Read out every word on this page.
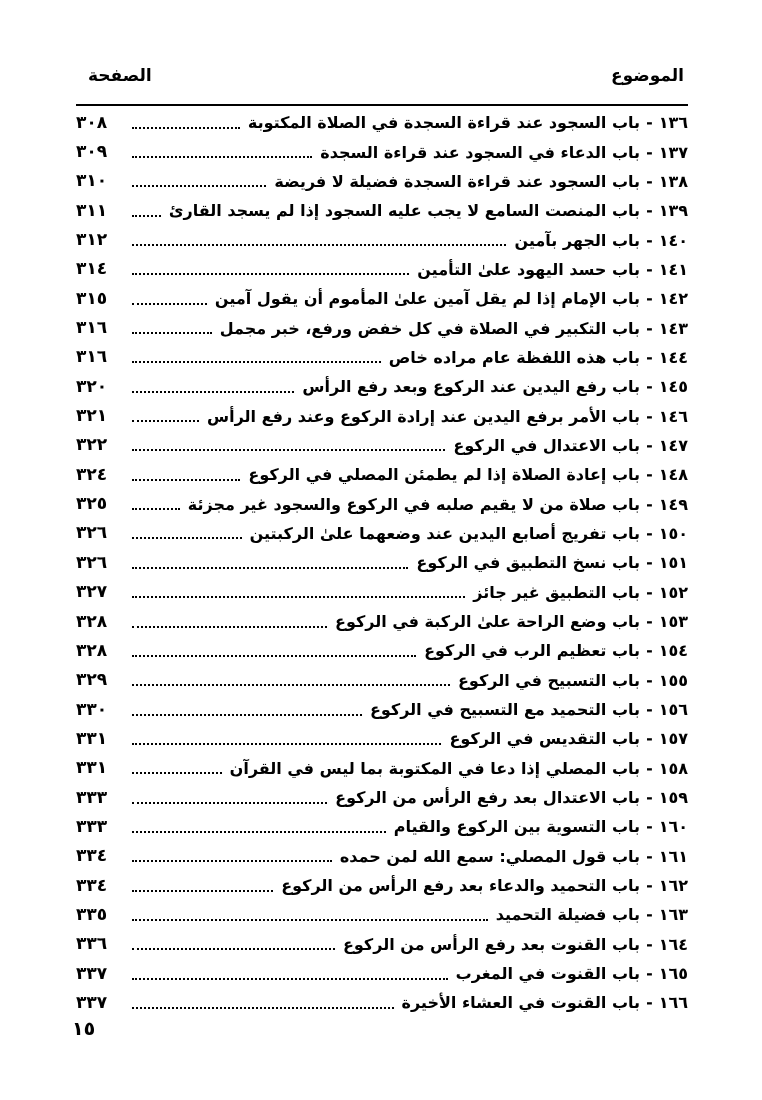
الموضوع
الصفحة
١٣٦
-
باب السجود عند قراءة السجدة في الصلاة المكتوبة
٣٠٨
١٣٧
-
باب الدعاء في السجود عند قراءة السجدة
٣٠٩
١٣٨
-
باب السجود عند قراءة السجدة فضيلة لا فريضة
٣١٠
١٣٩
-
باب المنصت السامع لا يجب عليه السجود إذا لم يسجد القارئ
٣١١
١٤٠
-
باب الجهر بآمين
٣١٢
١٤١
-
باب حسد اليهود علىٰ التأمين
٣١٤
١٤٢
-
باب الإمام إذا لم يقل آمين علىٰ المأموم أن يقول آمين
٣١٥
١٤٣
-
باب التكبير في الصلاة في كل خفض ورفع، خبر مجمل
٣١٦
١٤٤
-
باب هذه اللفظة عام مراده خاص
٣١٦
١٤٥
-
باب رفع اليدين عند الركوع وبعد رفع الرأس
٣٢٠
١٤٦
-
باب الأمر برفع اليدين عند إرادة الركوع وعند رفع الرأس
٣٢١
١٤٧
-
باب الاعتدال في الركوع
٣٢٢
١٤٨
-
باب إعادة الصلاة إذا لم يطمئن المصلي في الركوع
٣٢٤
١٤٩
-
باب صلاة من لا يقيم صلبه في الركوع والسجود غير مجزئة
٣٢٥
١٥٠
-
باب تفريج أصابع اليدين عند وضعهما علىٰ الركبتين
٣٢٦
١٥١
-
باب نسخ التطبيق في الركوع
٣٢٦
١٥٢
-
باب التطبيق غير جائز
٣٢٧
١٥٣
-
باب وضع الراحة علىٰ الركبة في الركوع
٣٢٨
١٥٤
-
باب تعظيم الرب في الركوع
٣٢٨
١٥٥
-
باب التسبيح في الركوع
٣٢٩
١٥٦
-
باب التحميد مع التسبيح في الركوع
٣٣٠
١٥٧
-
باب التقديس في الركوع
٣٣١
١٥٨
-
باب المصلي إذا دعا في المكتوبة بما ليس في القرآن
٣٣١
١٥٩
-
باب الاعتدال بعد رفع الرأس من الركوع
٣٣٣
١٦٠
-
باب التسوية بين الركوع والقيام
٣٣٣
١٦١
-
باب قول المصلي: سمع الله لمن حمده
٣٣٤
١٦٢
-
باب التحميد والدعاء بعد رفع الرأس من الركوع
٣٣٤
١٦٣
-
باب فضيلة التحميد
٣٣٥
١٦٤
-
باب القنوت بعد رفع الرأس من الركوع
٣٣٦
١٦٥
-
باب القنوت في المغرب
٣٣٧
١٦٦
-
باب القنوت في العشاء الأخيرة
٣٣٧
١٥
